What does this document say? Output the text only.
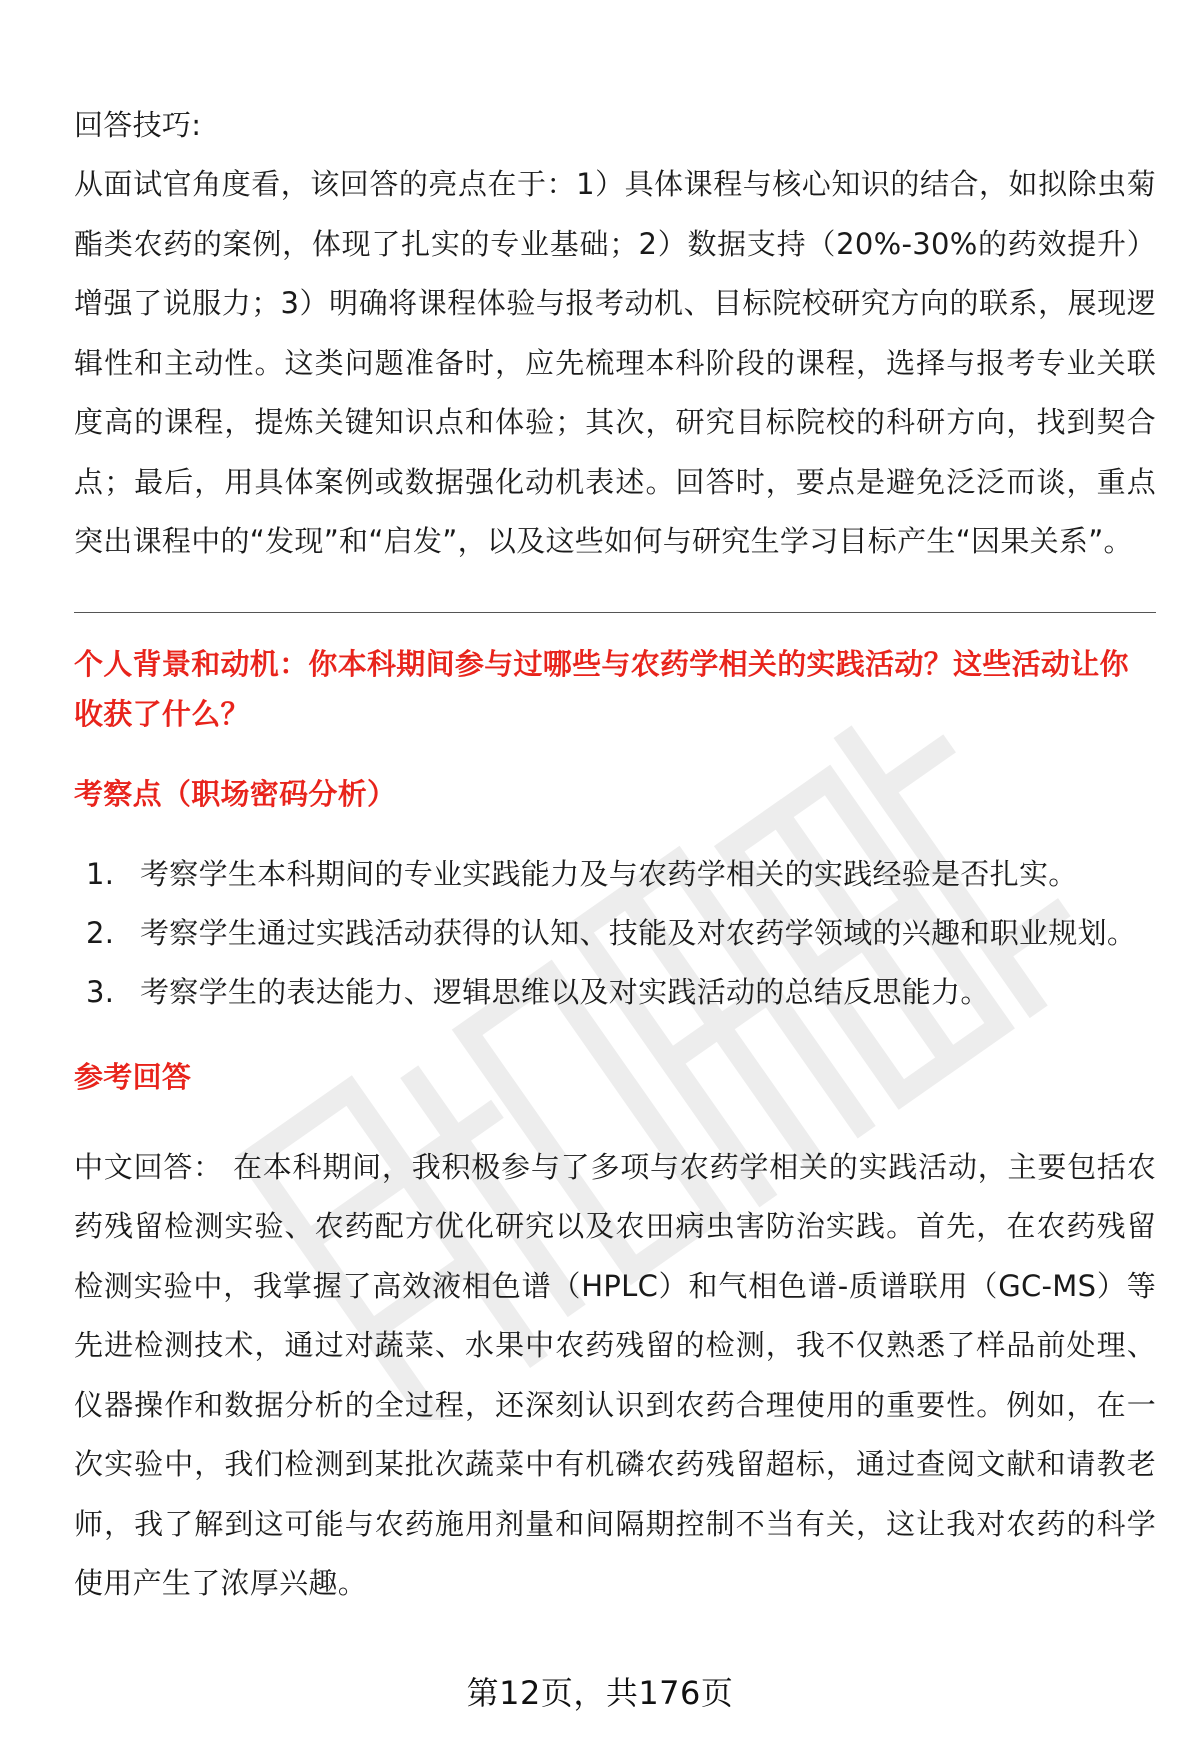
回答技巧:

从面试官角度看，该回答的亮点在于：1）具体课程与核心知识的结合，如拟除虫菊酯类农药的案例，体现了扎实的专业基础；2）数据支持（20%-30%的药效提升）增强了说服力；3）明确将课程体验与报考动机、目标院校研究方向的联系，展现逻辑性和主动性。这类问题准备时，应先梳理本科阶段的课程，选择与报考专业关联度高的课程，提炼关键知识点和体验；其次，研究目标院校的科研方向，找到契合点；最后，用具体案例或数据强化动机表述。回答时，要点是避免泛泛而谈，重点突出课程中的“发现”和“启发”，以及这些如何与研究生学习目标产生“因果关系”。

个人背景和动机：你本科期间参与过哪些与农药学相关的实践活动？这些活动让你收获了什么？

考察点（职场密码分析）

1. 考察学生本科期间的专业实践能力及与农药学相关的实践经验是否扎实。
2. 考察学生通过实践活动获得的认知、技能及对农药学领域的兴趣和职业规划。
3. 考察学生的表达能力、逻辑思维以及对实践活动的总结反思能力。

参考回答

中文回答： 在本科期间，我积极参与了多项与农药学相关的实践活动，主要包括农药残留检测实验、农药配方优化研究以及农田病虫害防治实践。首先，在农药残留检测实验中，我掌握了高效液相色谱（HPLC）和气相色谱-质谱联用（GC-MS）等先进检测技术，通过对蔬菜、水果中农药残留的检测，我不仅熟悉了样品前处理、仪器操作和数据分析的全过程，还深刻认识到农药合理使用的重要性。例如，在一次实验中，我们检测到某批次蔬菜中有机磷农药残留超标，通过查阅文献和请教老师，我了解到这可能与农药施用剂量和间隔期控制不当有关，这让我对农药的科学使用产生了浓厚兴趣。

第12页，共176页
